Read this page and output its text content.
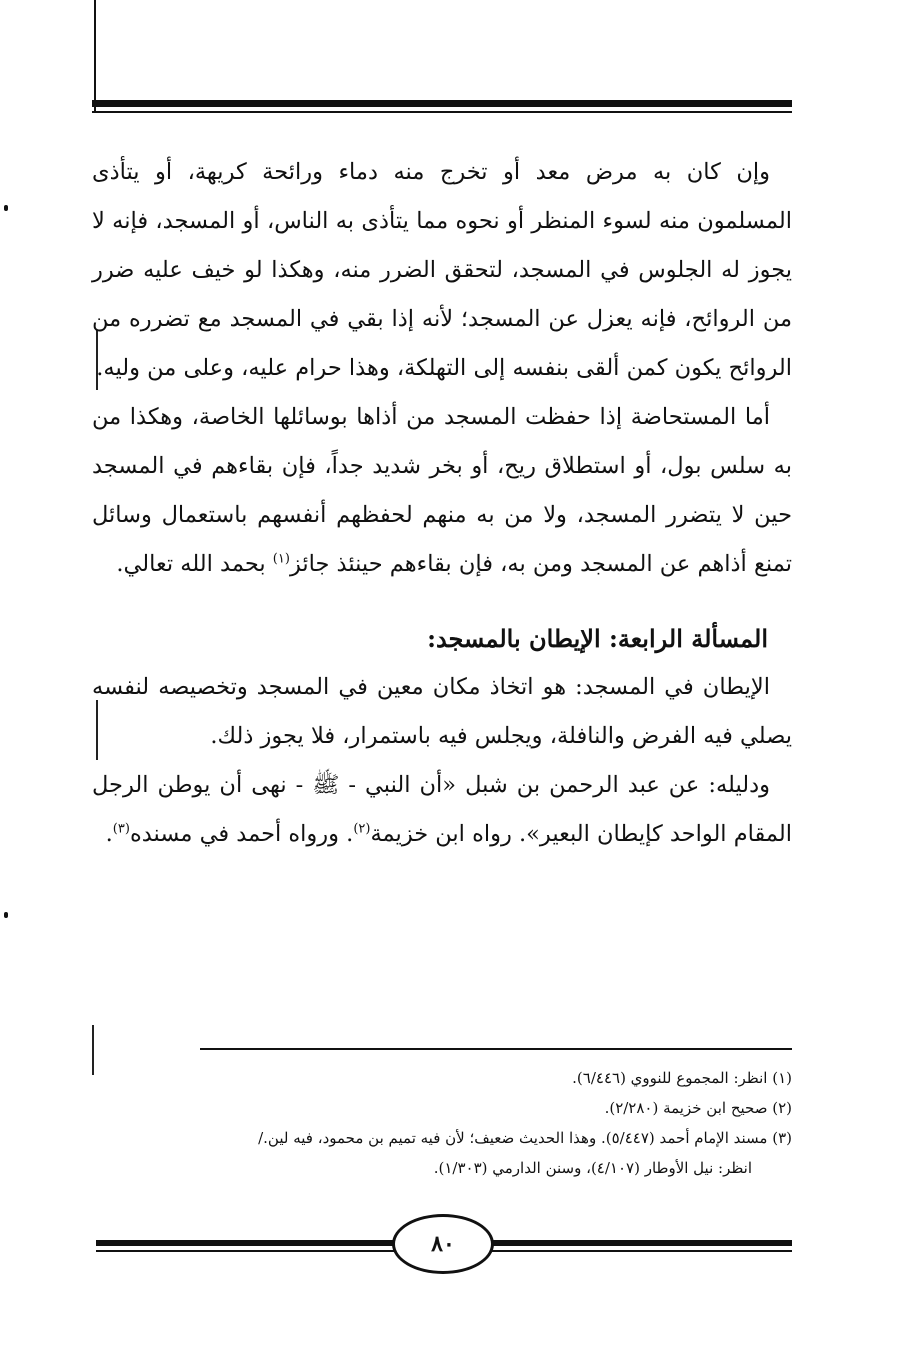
وإن كان به مرض معد أو تخرج منه دماء ورائحة كريهة، أو يتأذى المسلمون منه لسوء المنظر أو نحوه مما يتأذى به الناس، أو المسجد، فإنه لا يجوز له الجلوس في المسجد، لتحقق الضرر منه، وهكذا لو خيف عليه ضرر من الروائح، فإنه يعزل عن المسجد؛ لأنه إذا بقي في المسجد مع تضرره من الروائح يكون كمن ألقى بنفسه إلى التهلكة، وهذا حرام عليه، وعلى من وليه.

أما المستحاضة إذا حفظت المسجد من أذاها بوسائلها الخاصة، وهكذا من به سلس بول، أو استطلاق ريح، أو بخر شديد جداً، فإن بقاءهم في المسجد حين لا يتضرر المسجد، ولا من به منهم لحفظهم أنفسهم باستعمال وسائل تمنع أذاهم عن المسجد ومن به، فإن بقاءهم حينئذ جائز$^{(١)}$ بحمد الله تعالي.

المسألة الرابعة: الإيطان بالمسجد:

الإيطان في المسجد: هو اتخاذ مكان معين في المسجد وتخصيصه لنفسه يصلي فيه الفرض والنافلة، ويجلس فيه باستمرار، فلا يجوز ذلك.

ودليله: عن عبد الرحمن بن شبل «أن النبي - ﷺ - نهى أن يوطن الرجل المقام الواحد كإيطان البعير». رواه ابن خزيمة$^{(٢)}$. ورواه أحمد في مسنده$^{(٣)}$.

(١) انظر: المجموع للنووي (٦/٤٤٦).

(٢) صحيح ابن خزيمة (٢/٢٨٠).

(٣) مسند الإمام أحمد (٥/٤٤٧). وهذا الحديث ضعيف؛ لأن فيه تميم بن محمود، فيه لين./

انظر: نيل الأوطار (٤/١٠٧)، وسنن الدارمي (١/٣٠٣).

٨٠
